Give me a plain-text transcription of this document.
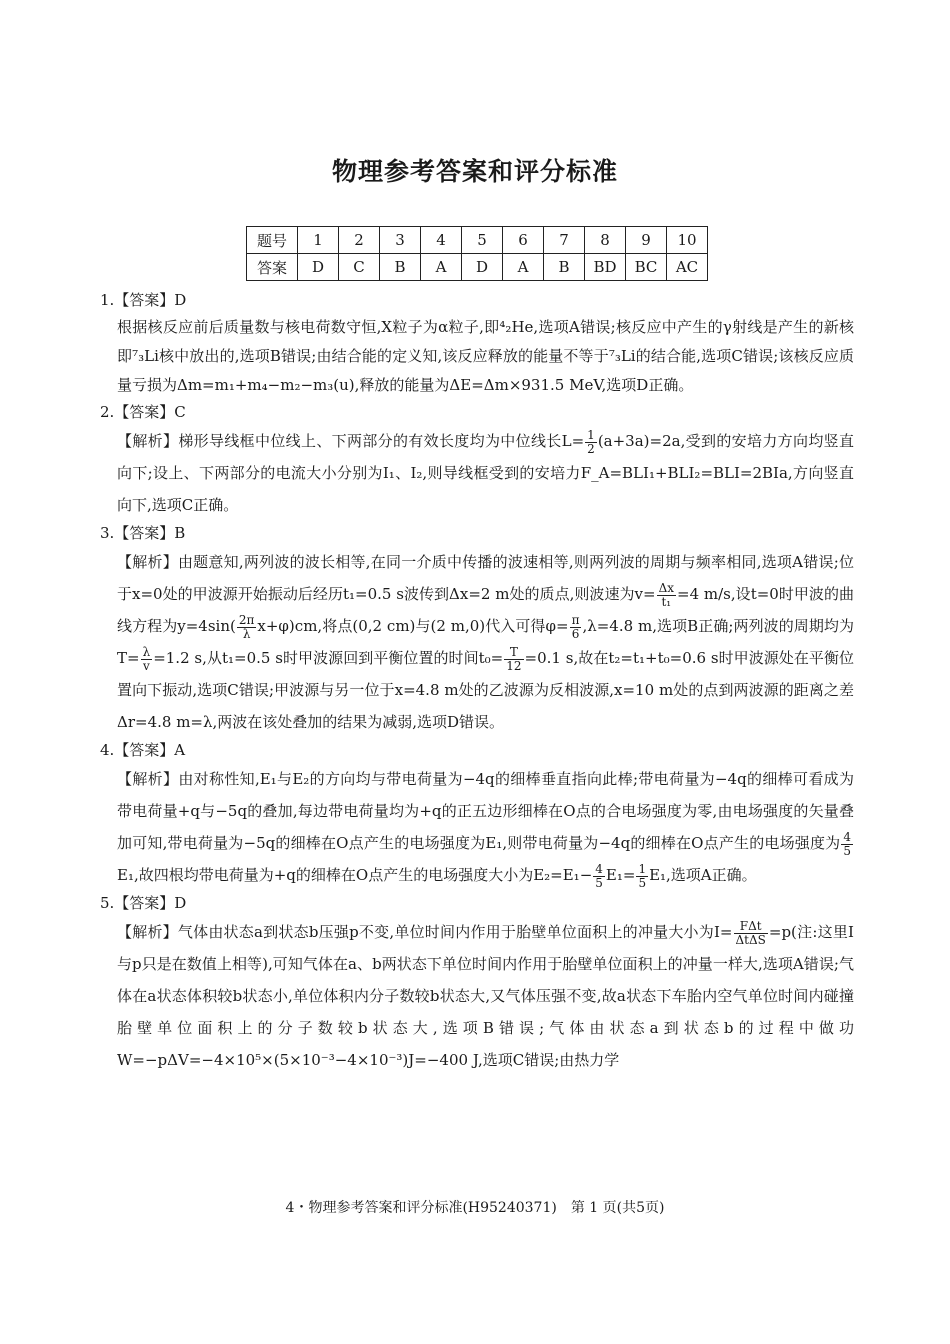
物理参考答案和评分标准
题号	1	2	3	4	5	6	7	8	9	10
答案	D	C	B	A	D	A	B	BD	BC	AC

1.【答案】D

根据核反应前后质量数与核电荷数守恒,X粒子为α粒子,即⁴₂He,选项A错误;核反应中产生的γ射线是产生的新核即⁷₃Li核中放出的,选项B错误;由结合能的定义知,该反应释放的能量不等于⁷₃Li的结合能,选项C错误;该核反应质量亏损为Δm=m₁+m₄−m₂−m₃(u),释放的能量为ΔE=Δm×931.5 MeV,选项D正确。

2.【答案】C

【解析】梯形导线框中位线上、下两部分的有效长度均为中位线长$L= \frac{1}{2} (a+3a)=2a$,受到的安培力方向均竖直向下;设上、下两部分的电流大小分别为I₁、I₂,则导线框受到的安培力F_A=BLI₁+BLI₂=BLI=2BIa,方向竖直向下,选项C正确。

3.【答案】B

【解析】由题意知,两列波的波长相等,在同一介质中传播的波速相等,则两列波的周期与频率相同,选项A错误;位于x=0处的甲波源开始振动后经历t₁=0.5 s波传到Δx=2 m处的质点,则波速为$v= \frac{\Delta x}{\text{t₁}} =4$ m/s,设t=0时甲波的曲线方程为$y=4\sin( \frac{2\pi}{\lambda} x+\varphi)cm$,将点(0,2 cm)与(2 m,0)代入可得$\varphi= \frac{\pi}{6} ,\lambda=4.8$ m,选项B正确;两列波的周期均为$T= \frac{\lambda}{v} =1.2$ s,从t₁=0.5 s时甲波源回到平衡位置的时间$t_0= \frac{T}{12} =0.1$ s,故在t₂=t₁+t₀=0.6 s时甲波源处在平衡位置向下振动,选项C错误;甲波源与另一位于x=4.8 m处的乙波源为反相波源,x=10 m处的点到两波源的距离之差Δr=4.8 m=λ,两波在该处叠加的结果为减弱,选项D错误。

4.【答案】A

【解析】由对称性知,E₁与E₂的方向均与带电荷量为−4q的细棒垂直指向此棒;带电荷量为−4q的细棒可看成为带电荷量+q与−5q的叠加,每边带电荷量均为+q的正五边形细棒在O点的合电场强度为零,由电场强度的矢量叠加可知,带电荷量为−5q的细棒在O点产生的电场强度为E₁,则带电荷量为−4q的细棒在O点产生的电场强度为 $\frac{4}{5}$
E₁,故四根均带电荷量为+q的细棒在O点产生的电场强度大小为$E_2=E_1- \frac{4}{5} E_1= \frac{1}{5} E_1$,选项A正确。

5.【答案】D

【解析】气体由状态a到状态b压强p不变,单位时间内作用于胎壁单位面积上的冲量大小为$I= \frac{\text{FΔt}}{\text{ΔtΔS}} =p$(注:这里I与p只是在数值上相等),可知气体在a、b两状态下单位时间内作用于胎壁单位面积上的冲量一样大,选项A错误;气体在a状态体积较b状态小,单位体积内分子数较b状态大,又气体压强不变,故a状态下车胎内空气单位时间内碰撞胎壁单位面积上的分子数较b状态大,选项B错误;气体由状态a到状态b的过程中做功W=−pΔV=−4×10⁵×(5×10⁻³−4×10⁻³)J=−400 J,选项C错误;由热力学

4・物理参考答案和评分标准(H95240371)　第 1 页(共5页)
